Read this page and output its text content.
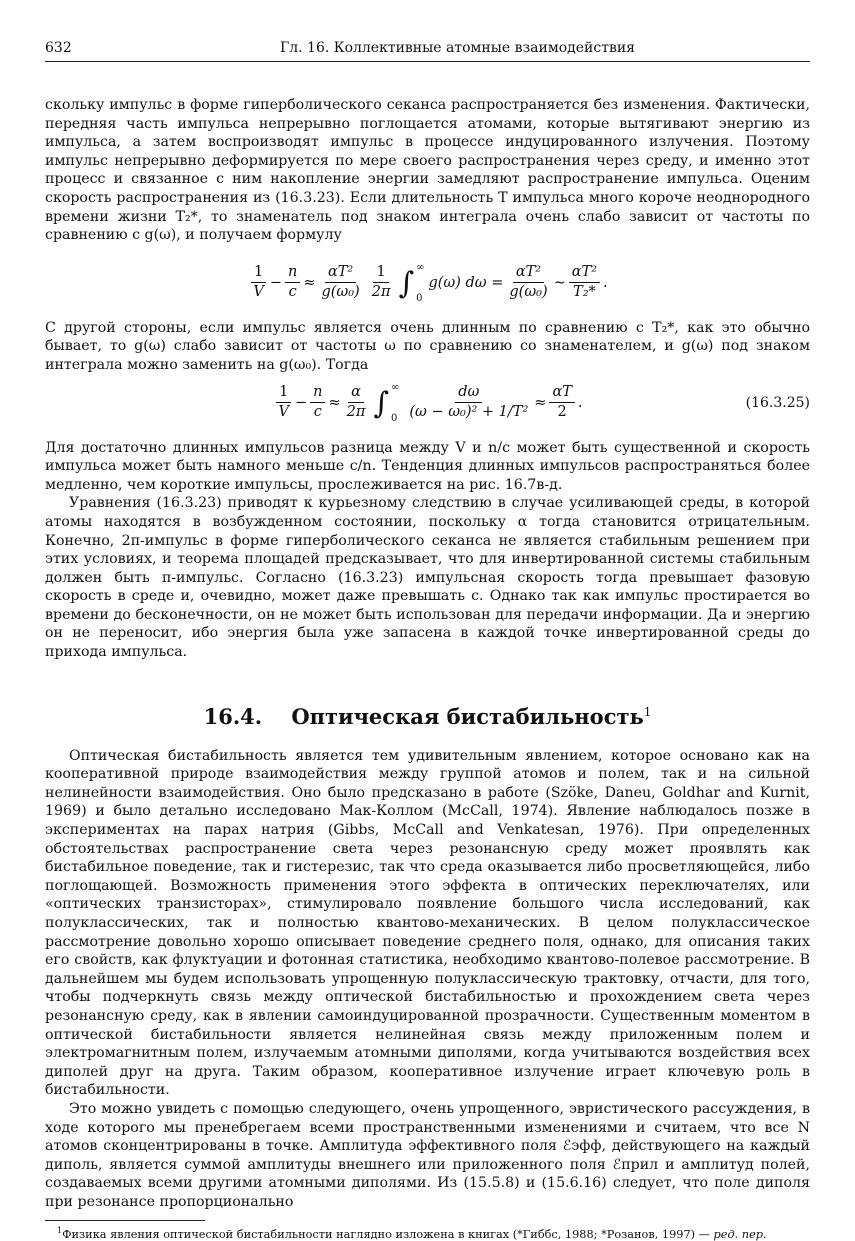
632	Гл. 16. Коллективные атомные взаимодействия

скольку импульс в форме гиперболического секанса распространяется без изменения. Фактически, передняя часть импульса непрерывно поглощается атомами, которые вытягивают энергию из импульса, а затем воспроизводят импульс в процессе индуцированного излучения. Поэтому импульс непрерывно деформируется по мере своего распространения через среду, и именно этот процесс и связанное с ним накопление энергии замедляют распространение импульса. Оценим скорость распространения из (16.3.23). Если длительность T импульса много короче неоднородного времени жизни T₂*, то знаменатель под знаком интеграла очень слабо зависит от частоты по сравнению с g(ω), и получаем формулу

$\frac{1}{V} - \frac{n}{c} \approx \frac{\text{αT²}}{\text{g(ω₀)}} \frac{1}{2\pi}$ ∫ ∞
0
g(ω) $d\omega = \frac{\text{αT²}}{\text{g(ω₀)}}$ ∼ $\frac{\text{αT²}}{\text{T₂*}}$ .

С другой стороны, если импульс является очень длинным по сравнению с T₂*, как это обычно бывает, то g(ω) слабо зависит от частоты ω по сравнению со знаменателем, и g(ω) под знаком интеграла можно заменить на g(ω₀). Тогда

$\frac{1}{V} - \frac{n}{c} \approx \frac{\alpha}{2\pi}$ ∫ ∞
$0 \frac{d\omega}{\text{(ω − ω₀)² + 1/T²}} \approx \frac{\alpha T}{2}$ .	(16.3.25)

Для достаточно длинных импульсов разница между V и n/c может быть существенной и скорость импульса может быть намного меньше c/n. Тенденция длинных импульсов распространяться более медленно, чем короткие импульсы, прослеживается на рис. 16.7в-д.

Уравнения (16.3.23) приводят к курьезному следствию в случае усиливающей среды, в которой атомы находятся в возбужденном состоянии, поскольку α тогда становится отрицательным. Конечно, 2π-импульс в форме гиперболического секанса не является стабильным решением при этих условиях, и теорема площадей предсказывает, что для инвертированной системы стабильным должен быть π-импульс. Согласно (16.3.23) импульсная скорость тогда превышает фазовую скорость в среде и, очевидно, может даже превышать c. Однако так как импульс простирается во времени до бесконечности, он не может быть использован для передачи информации. Да и энергию он не переносит, ибо энергия была уже запасена в каждой точке инвертированной среды до прихода импульса.

16.4. Оптическая бистабильность$^1$

Оптическая бистабильность является тем удивительным явлением, которое основано как на кооперативной природе взаимодействия между группой атомов и полем, так и на сильной нелинейности взаимодействия. Оно было предсказано в работе (Szöke, Daneu, Goldhar and Kurnit, 1969) и было детально исследовано Мак-Коллом (McCall, 1974). Явление наблюдалось позже в экспериментах на парах натрия (Gibbs, McCall and Venkatesan, 1976). При определенных обстоятельствах распространение света через резонансную среду может проявлять как бистабильное поведение, так и гистерезис, так что среда оказывается либо просветляющейся, либо поглощающей. Возможность применения этого эффекта в оптических переключателях, или «оптических транзисторах», стимулировало появление большого числа исследований, как полуклассических, так и полностью квантово-механических. В целом полуклассическое рассмотрение довольно хорошо описывает поведение среднего поля, однако, для описания таких его свойств, как флуктуации и фотонная статистика, необходимо квантово-полевое рассмотрение. В дальнейшем мы будем использовать упрощенную полуклассическую трактовку, отчасти, для того, чтобы подчеркнуть связь между оптической бистабильностью и прохождением света через резонансную среду, как в явлении самоиндуцированной прозрачности. Существенным моментом в оптической бистабильности является нелинейная связь между приложенным полем и электромагнитным полем, излучаемым атомными диполями, когда учитываются воздействия всех диполей друг на друга. Таким образом, кооперативное излучение играет ключевую роль в бистабильности.

Это можно увидеть с помощью следующего, очень упрощенного, эвристического рассуждения, в ходе которого мы пренебрегаем всеми пространственными изменениями и считаем, что все N атомов сконцентрированы в точке. Амплитуда эффективного поля ℰэфф, действующего на каждый диполь, является суммой амплитуды внешнего или приложенного поля ℰприл и амплитуд полей, создаваемых всеми другими атомными диполями. Из (15.5.8) и (15.6.16) следует, что поле диполя при резонансе пропорционально

$^1$Физика явления оптической бистабильности наглядно изложена в книгах (*Гиббс, 1988; *Розанов, 1997) — ред. пер.
